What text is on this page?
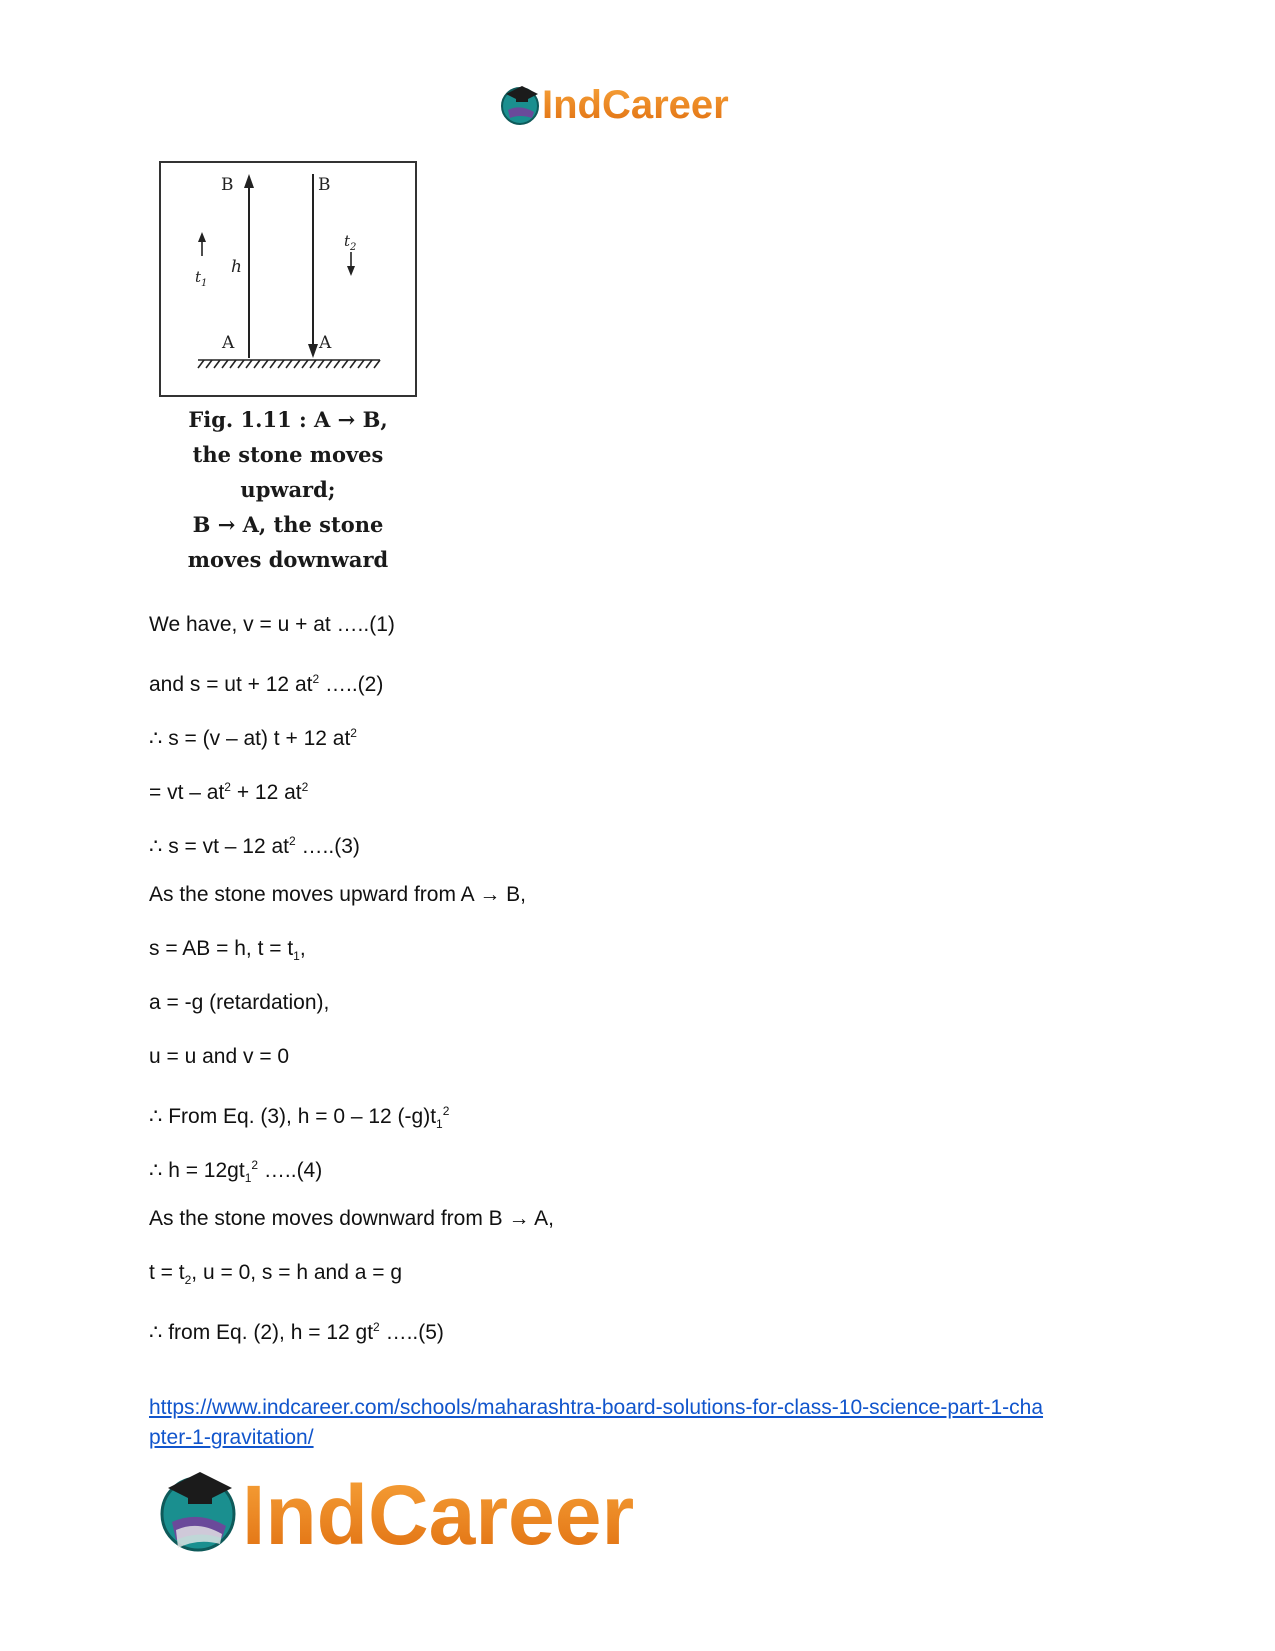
IndCareer
B	B
A	A
h
$t_1$
$t_2$
Fig. 1.11 : A → B,
the stone moves
upward;
B → A, the stone
moves downward
We have, v = u + at …..(1)
and s = ut + 12 $at^2$ …..(2)
∴ s = (v – at) t + 12 $at^2$
= vt – $at^2 + 12$ $at^2$
∴ s = vt – 12 $at^2$ …..(3)
As the stone moves upward from A → B,
s = AB = h, $t = t_1$,
a = -g (retardation),
u = u and v = 0
∴ From Eq. (3), h = 0 – 12 $(-g)t_1^2$
∴ $h = 12gt_1^2$ …..(4)
As the stone moves downward from B → A,
$t = t_2$, u = 0, s = h and a = g
∴ from Eq. (2), h = 12 $gt^2$ …..(5)
https://www.indcareer.com/schools/maharashtra-board-solutions-for-class-10-science-part-1-cha
pter-1-gravitation/
IndCareer
